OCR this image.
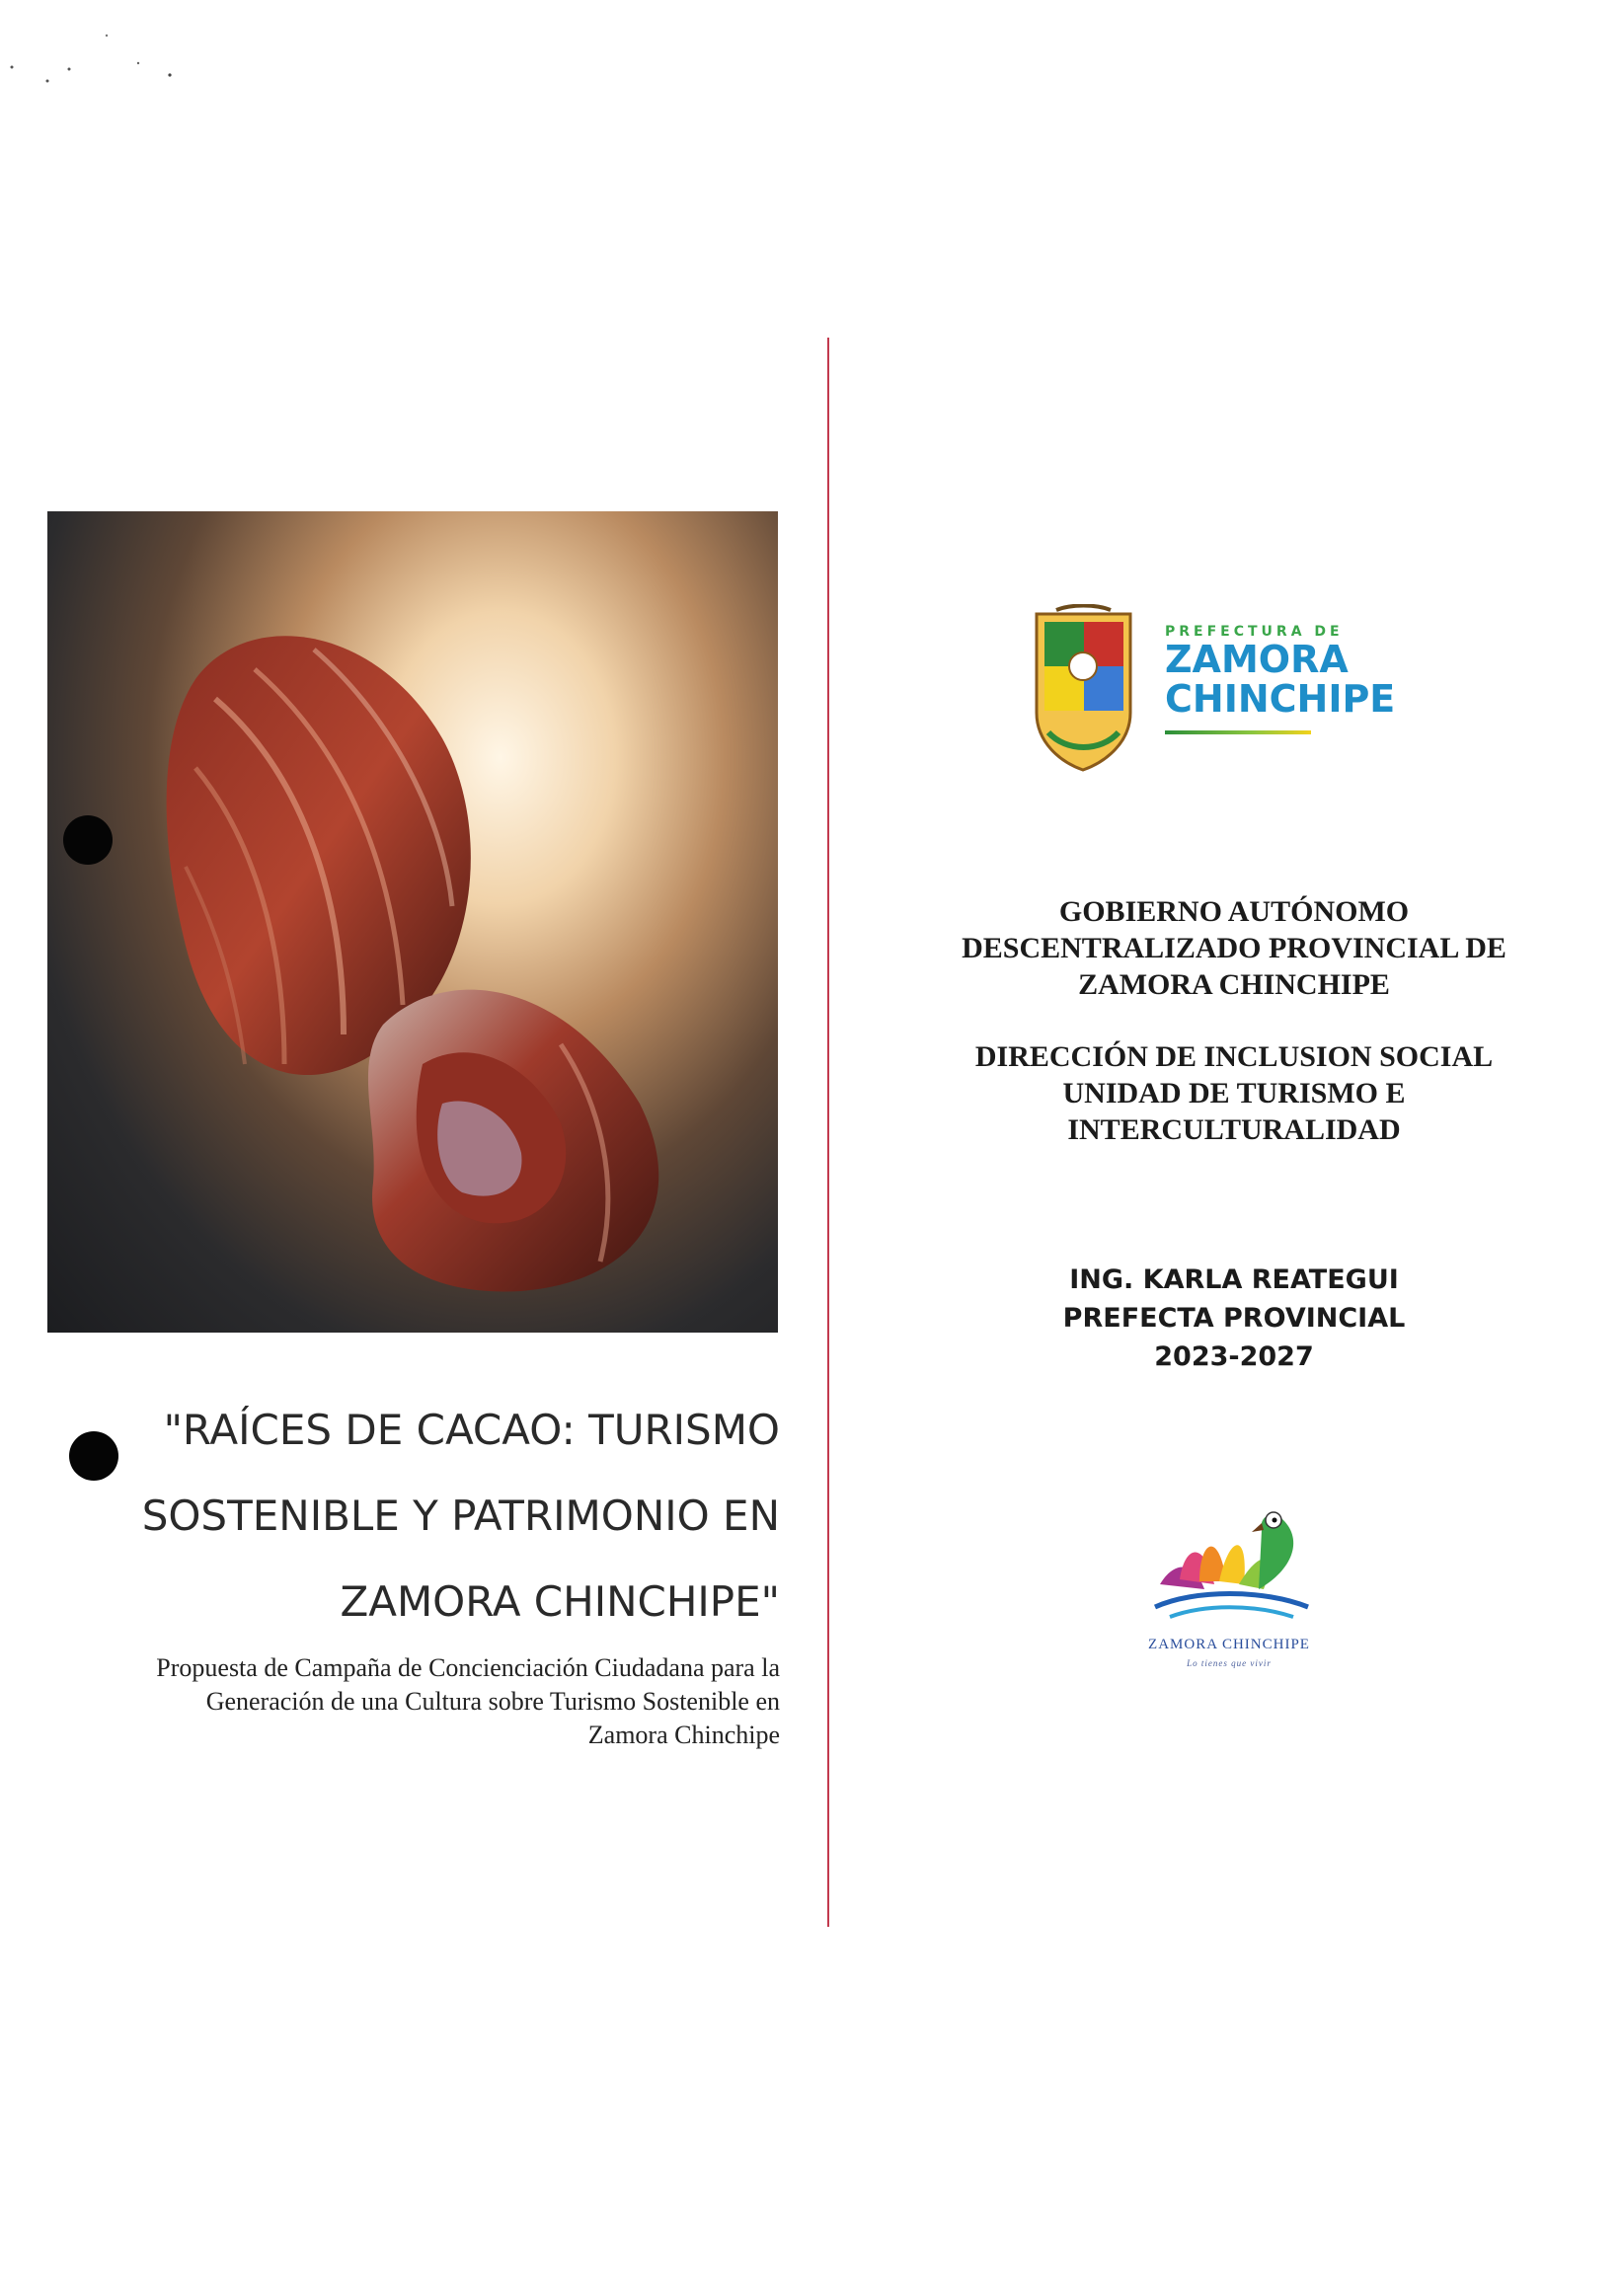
"RAÍCES DE CACAO: TURISMO
SOSTENIBLE Y PATRIMONIO EN
ZAMORA CHINCHIPE"
Propuesta de Campaña de Concienciación Ciudadana para la
Generación de una Cultura sobre Turismo Sostenible en
Zamora Chinchipe
PREFECTURA DE
ZAMORA
CHINCHIPE

GOBIERNO AUTÓNOMO

DESCENTRALIZADO PROVINCIAL DE

ZAMORA CHINCHIPE

DIRECCIÓN DE INCLUSION SOCIAL

UNIDAD DE TURISMO E

INTERCULTURALIDAD

ING. KARLA REATEGUI

PREFECTA PROVINCIAL

2023-2027

ZAMORA CHINCHIPE
Lo tienes que vivir
